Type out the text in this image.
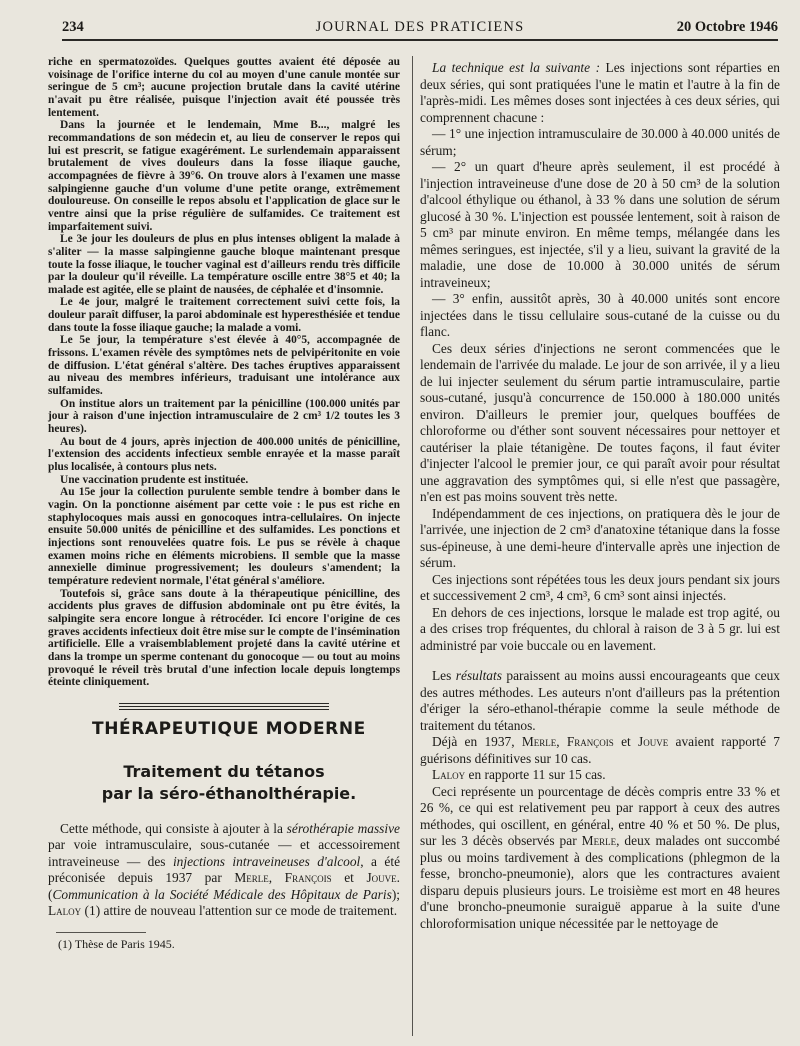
234	JOURNAL DES PRATICIENS	20 Octobre 1946

riche en spermatozoïdes. Quelques gouttes avaient été déposée au voisinage de l'orifice interne du col au moyen d'une canule montée sur seringue de 5 cm³; aucune projection brutale dans la cavité utérine n'avait pu être réalisée, puisque l'injection avait été poussée très lentement.

Dans la journée et le lendemain, Mme B..., malgré les recommandations de son médecin et, au lieu de conserver le repos qui lui est prescrit, se fatigue exagérément. Le surlendemain apparaissent brutalement de vives douleurs dans la fosse iliaque gauche, accompagnées de fièvre à 39°6. On trouve alors à l'examen une masse salpingienne gauche d'un volume d'une petite orange, extrêmement douloureuse. On conseille le repos absolu et l'application de glace sur le ventre ainsi que la prise régulière de sulfamides. Ce traitement est imparfaitement suivi.

Le 3e jour les douleurs de plus en plus intenses obligent la malade à s'aliter — la masse salpingienne gauche bloque maintenant presque toute la fosse iliaque, le toucher vaginal est d'ailleurs rendu très difficile par la douleur qu'il réveille. La température oscille entre 38°5 et 40; la malade est agitée, elle se plaint de nausées, de céphalée et d'insomnie.

Le 4e jour, malgré le traitement correctement suivi cette fois, la douleur paraît diffuser, la paroi abdominale est hyperesthésiée et tendue dans toute la fosse iliaque gauche; la malade a vomi.

Le 5e jour, la température s'est élevée à 40°5, accompagnée de frissons. L'examen révèle des symptômes nets de pelvipéritonite en voie de diffusion. L'état général s'altère. Des taches éruptives apparaissent au niveau des membres inférieurs, traduisant une intolérance aux sulfamides.

On institue alors un traitement par la pénicilline (100.000 unités par jour à raison d'une injection intramusculaire de 2 cm³ 1/2 toutes les 3 heures).

Au bout de 4 jours, après injection de 400.000 unités de pénicilline, l'extension des accidents infectieux semble enrayée et la masse paraît plus localisée, à contours plus nets.

Une vaccination prudente est instituée.

Au 15e jour la collection purulente semble tendre à bomber dans le vagin. On la ponctionne aisément par cette voie : le pus est riche en staphylocoques mais aussi en gonocoques intra-cellulaires. On injecte ensuite 50.000 unités de pénicilline et des sulfamides. Les ponctions et injections sont renouvelées quatre fois. Le pus se révèle à chaque examen moins riche en éléments microbiens. Il semble que la masse annexielle diminue progressivement; les douleurs s'amendent; la température redevient normale, l'état général s'améliore.

Toutefois si, grâce sans doute à la thérapeutique pénicilline, des accidents plus graves de diffusion abdominale ont pu être évités, la salpingite sera encore longue à rétrocéder. Ici encore l'origine de ces graves accidents infectieux doit être mise sur le compte de l'insémination artificielle. Elle a vraisemblablement projeté dans la cavité utérine et dans la trompe un sperme contenant du gonocoque — ou tout au moins provoqué le réveil très brutal d'une infection locale depuis longtemps éteinte cliniquement.

THÉRAPEUTIQUE MODERNE
Traitement du tétanos
par la séro-éthanolthérapie.

Cette méthode, qui consiste à ajouter à la sérothérapie massive par voie intramusculaire, sous-cutanée — et accessoirement intraveineuse — des injections intraveineuses d'alcool, a été préconisée depuis 1937 par Merle, François et Jouve. (Communication à la Société Médicale des Hôpitaux de Paris); Laloy (1) attire de nouveau l'attention sur ce mode de traitement.

(1) Thèse de Paris 1945.

La technique est la suivante : Les injections sont réparties en deux séries, qui sont pratiquées l'une le matin et l'autre à la fin de l'après-midi. Les mêmes doses sont injectées à ces deux séries, qui comprennent chacune :

— 1° une injection intramusculaire de 30.000 à 40.000 unités de sérum;

— 2° un quart d'heure après seulement, il est procédé à l'injection intraveineuse d'une dose de 20 à 50 cm³ de la solution d'alcool éthylique ou éthanol, à 33 % dans une solution de sérum glucosé à 30 %. L'injection est poussée lentement, soit à raison de 5 cm³ par minute environ. En même temps, mélangée dans les mêmes seringues, est injectée, s'il y a lieu, suivant la gravité de la maladie, une dose de 10.000 à 30.000 unités de sérum intraveineux;

— 3° enfin, aussitôt après, 30 à 40.000 unités sont encore injectées dans le tissu cellulaire sous-cutané de la cuisse ou du flanc.

Ces deux séries d'injections ne seront commencées que le lendemain de l'arrivée du malade. Le jour de son arrivée, il y a lieu de lui injecter seulement du sérum partie intramusculaire, partie sous-cutané, jusqu'à concurrence de 150.000 à 180.000 unités environ. D'ailleurs le premier jour, quelques bouffées de chloroforme ou d'éther sont souvent nécessaires pour nettoyer et cautériser la plaie tétanigène. De toutes façons, il faut éviter d'injecter l'alcool le premier jour, ce qui paraît avoir pour résultat une aggravation des symptômes qui, si elle n'est que passagère, n'en est pas moins souvent très nette.

Indépendamment de ces injections, on pratiquera dès le jour de l'arrivée, une injection de 2 cm³ d'anatoxine tétanique dans la fosse sus-épineuse, à une demi-heure d'intervalle après une injection de sérum.

Ces injections sont répétées tous les deux jours pendant six jours et successivement 2 cm³, 4 cm³, 6 cm³ sont ainsi injectés.

En dehors de ces injections, lorsque le malade est trop agité, ou a des crises trop fréquentes, du chloral à raison de 3 à 5 gr. lui est administré par voie buccale ou en lavement.

Les résultats paraissent au moins aussi encourageants que ceux des autres méthodes. Les auteurs n'ont d'ailleurs pas la prétention d'ériger la séro-ethanol-thérapie comme la seule méthode de traitement du tétanos.

Déjà en 1937, Merle, François et Jouve avaient rapporté 7 guérisons définitives sur 10 cas.

Laloy en rapporte 11 sur 15 cas.

Ceci représente un pourcentage de décès compris entre 33 % et 26 %, ce qui est relativement peu par rapport à ceux des autres méthodes, qui oscillent, en général, entre 40 % et 50 %. De plus, sur les 3 décès observés par Merle, deux malades ont succombé plus ou moins tardivement à des complications (phlegmon de la fesse, broncho-pneumonie), alors que les contractures avaient disparu depuis plusieurs jours. Le troisième est mort en 48 heures d'une broncho-pneumonie suraiguë apparue à la suite d'une chloroformisation unique nécessitée par le nettoyage de
